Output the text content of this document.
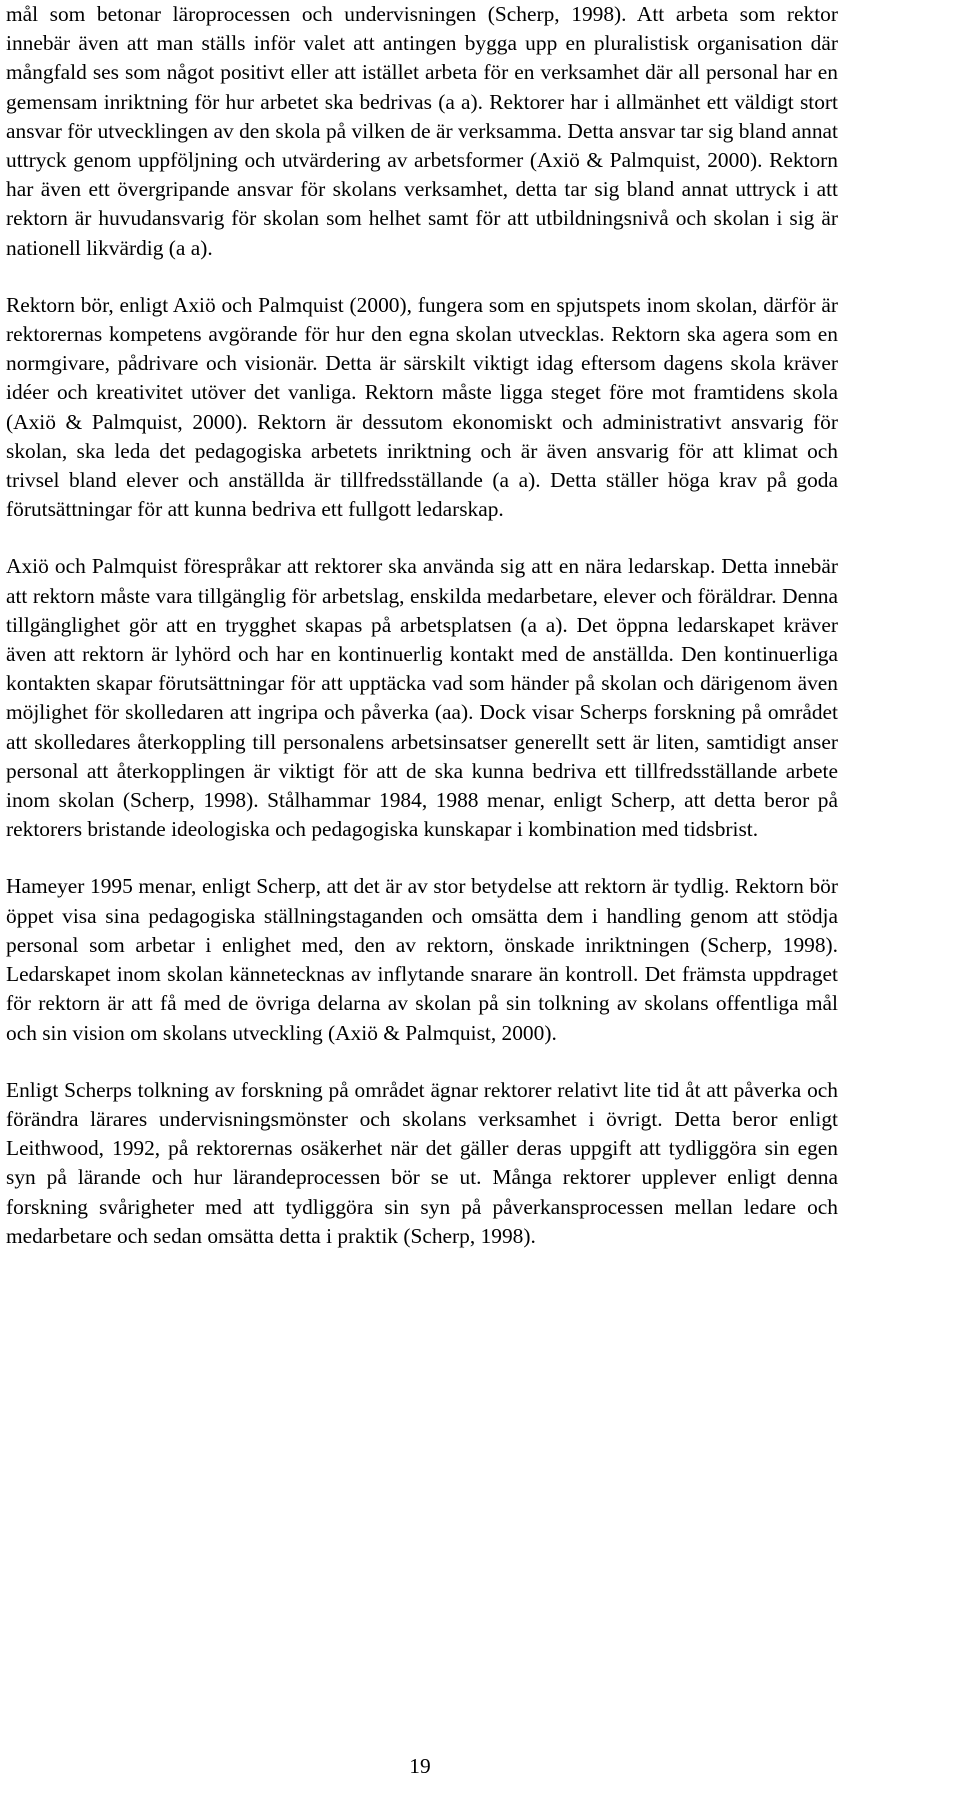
mål som betonar läroprocessen och undervisningen (Scherp, 1998). Att arbeta som rektor innebär även att man ställs inför valet att antingen bygga upp en pluralistisk organisation där mångfald ses som något positivt eller att istället arbeta för en verksamhet där all personal har en gemensam inriktning för hur arbetet ska bedrivas (a a). Rektorer har i allmänhet ett väldigt stort ansvar för utvecklingen av den skola på vilken de är verksamma. Detta ansvar tar sig bland annat uttryck genom uppföljning och utvärdering av arbetsformer (Axiö & Palmquist, 2000). Rektorn har även ett övergripande ansvar för skolans verksamhet, detta tar sig bland annat uttryck i att rektorn är huvudansvarig för skolan som helhet samt för att utbildningsnivå och skolan i sig är nationell likvärdig (a a).

Rektorn bör, enligt Axiö och Palmquist (2000), fungera som en spjutspets inom skolan, därför är rektorernas kompetens avgörande för hur den egna skolan utvecklas. Rektorn ska agera som en normgivare, pådrivare och visionär. Detta är särskilt viktigt idag eftersom dagens skola kräver idéer och kreativitet utöver det vanliga. Rektorn måste ligga steget före mot framtidens skola (Axiö & Palmquist, 2000). Rektorn är dessutom ekonomiskt och administrativt ansvarig för skolan, ska leda det pedagogiska arbetets inriktning och är även ansvarig för att klimat och trivsel bland elever och anställda är tillfredsställande (a a). Detta ställer höga krav på goda förutsättningar för att kunna bedriva ett fullgott ledarskap.

Axiö och Palmquist förespråkar att rektorer ska använda sig att en nära ledarskap. Detta innebär att rektorn måste vara tillgänglig för arbetslag, enskilda medarbetare, elever och föräldrar. Denna tillgänglighet gör att en trygghet skapas på arbetsplatsen (a a). Det öppna ledarskapet kräver även att rektorn är lyhörd och har en kontinuerlig kontakt med de anställda. Den kontinuerliga kontakten skapar förutsättningar för att upptäcka vad som händer på skolan och därigenom även möjlighet för skolledaren att ingripa och påverka (aa). Dock visar Scherps forskning på området att skolledares återkoppling till personalens arbetsinsatser generellt sett är liten, samtidigt anser personal att återkopplingen är viktigt för att de ska kunna bedriva ett tillfredsställande arbete inom skolan (Scherp, 1998). Stålhammar 1984, 1988 menar, enligt Scherp, att detta beror på rektorers bristande ideologiska och pedagogiska kunskapar i kombination med tidsbrist.

Hameyer 1995 menar, enligt Scherp, att det är av stor betydelse att rektorn är tydlig. Rektorn bör öppet visa sina pedagogiska ställningstaganden och omsätta dem i handling genom att stödja personal som arbetar i enlighet med, den av rektorn, önskade inriktningen (Scherp, 1998). Ledarskapet inom skolan kännetecknas av inflytande snarare än kontroll. Det främsta uppdraget för rektorn är att få med de övriga delarna av skolan på sin tolkning av skolans offentliga mål och sin vision om skolans utveckling (Axiö & Palmquist, 2000).

Enligt Scherps tolkning av forskning på området ägnar rektorer relativt lite tid åt att påverka och förändra lärares undervisningsmönster och skolans verksamhet i övrigt. Detta beror enligt Leithwood, 1992, på rektorernas osäkerhet när det gäller deras uppgift att tydliggöra sin egen syn på lärande och hur lärandeprocessen bör se ut. Många rektorer upplever enligt denna forskning svårigheter med att tydliggöra sin syn på påverkansprocessen mellan ledare och medarbetare och sedan omsätta detta i praktik (Scherp, 1998).

19
